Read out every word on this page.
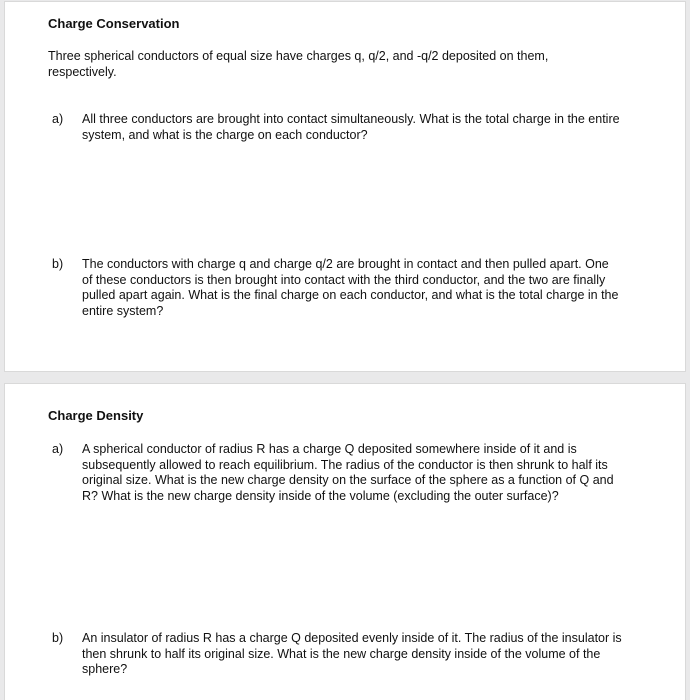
Charge Conservation
Three spherical conductors of equal size have charges q, q/2, and -q/2 deposited on them, respectively.
a) All three conductors are brought into contact simultaneously. What is the total charge in the entire system, and what is the charge on each conductor?
b) The conductors with charge q and charge q/2 are brought in contact and then pulled apart. One of these conductors is then brought into contact with the third conductor, and the two are finally pulled apart again. What is the final charge on each conductor, and what is the total charge in the entire system?
Charge Density
a) A spherical conductor of radius R has a charge Q deposited somewhere inside of it and is subsequently allowed to reach equilibrium. The radius of the conductor is then shrunk to half its original size. What is the new charge density on the surface of the sphere as a function of Q and R? What is the new charge density inside of the volume (excluding the outer surface)?
b) An insulator of radius R has a charge Q deposited evenly inside of it. The radius of the insulator is then shrunk to half its original size. What is the new charge density inside of the volume of the sphere?
